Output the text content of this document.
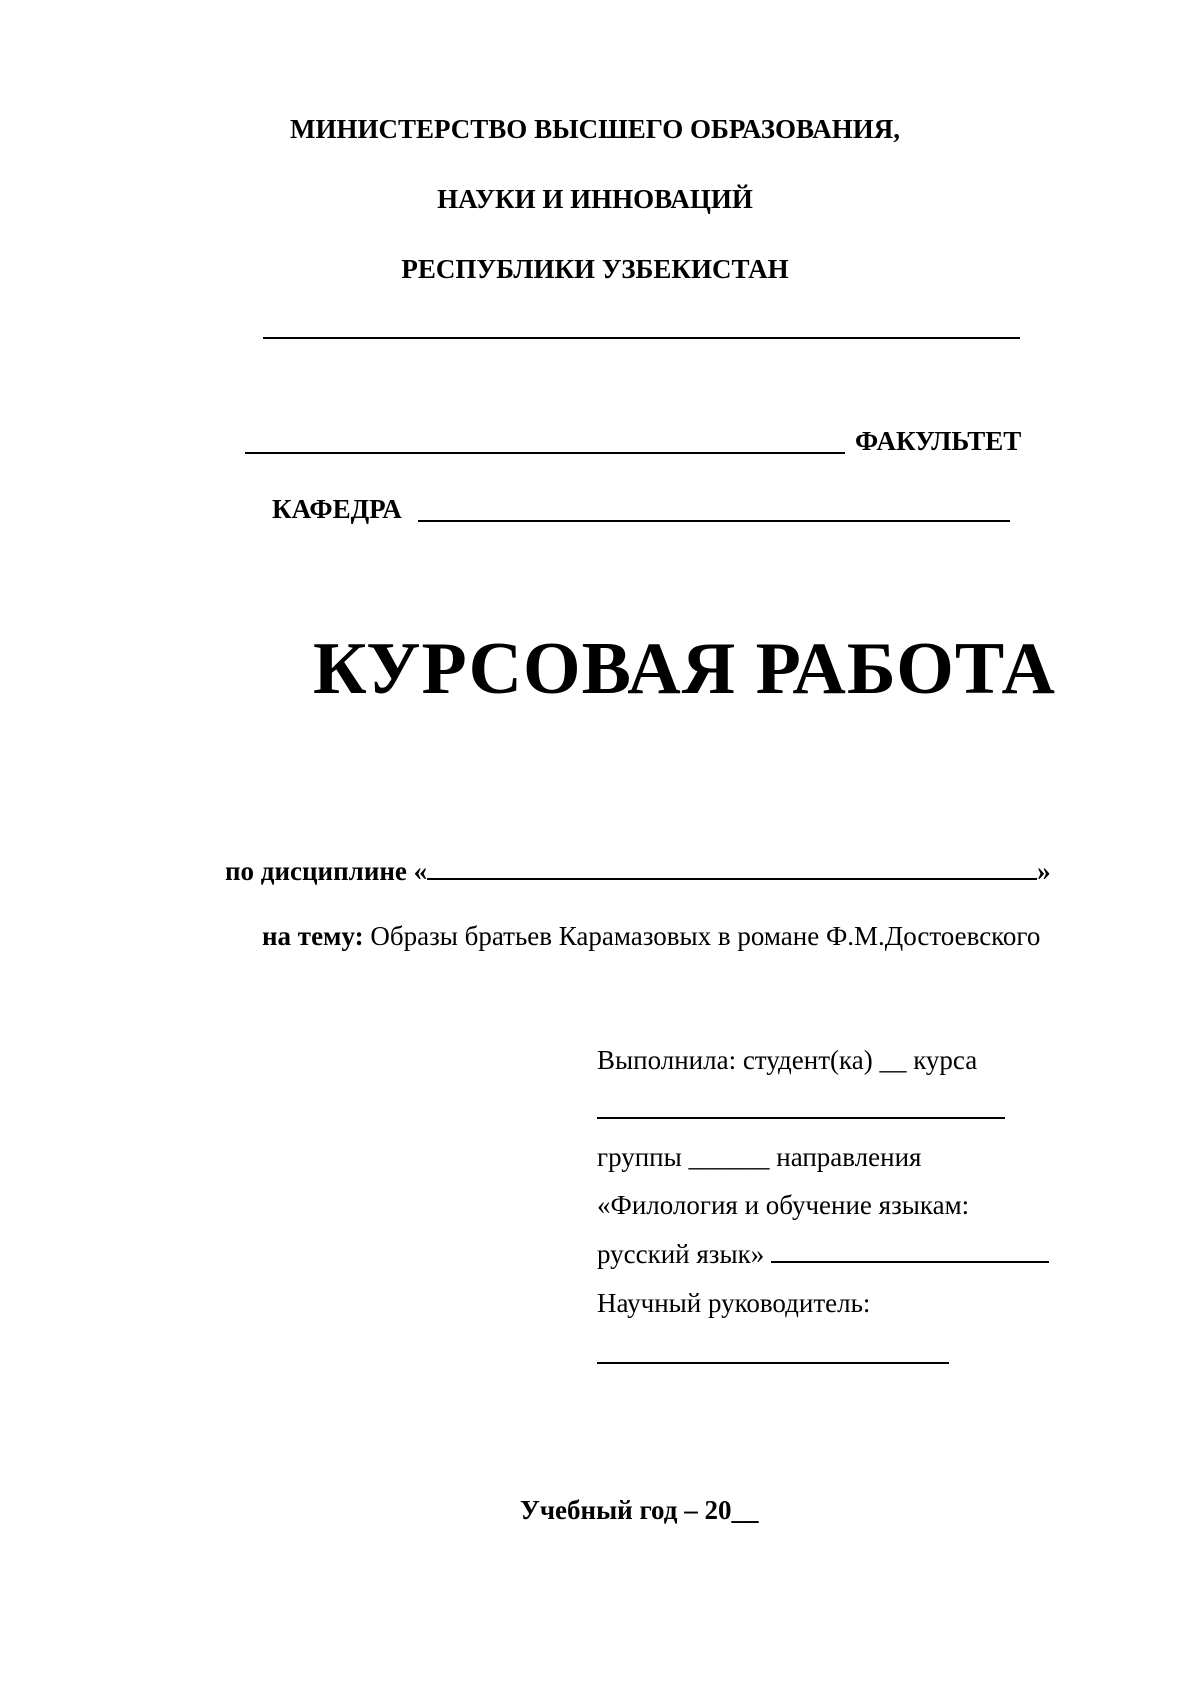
МИНИСТЕРСТВО ВЫСШЕГО ОБРАЗОВАНИЯ,
НАУКИ И ИННОВАЦИЙ
РЕСПУБЛИКИ УЗБЕКИСТАН
ФАКУЛЬТЕТ
КАФЕДРА
КУРСОВАЯ РАБОТА
по дисциплине «	»
на тему: Образы братьев Карамазовых в романе Ф.М.Достоевского
Выполнила: студент(ка) __ курса
группы ______ направления
«Филология и обучение языкам:
русский язык»
Научный руководитель:
Учебный год – 20__
